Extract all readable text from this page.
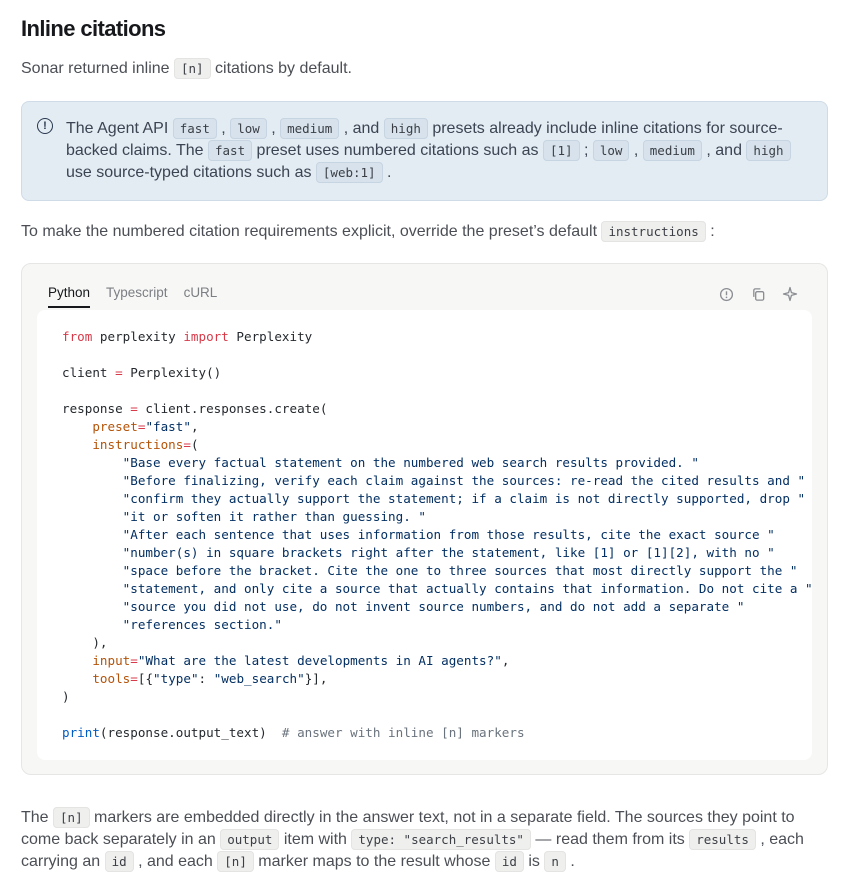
Inline citations

Sonar returned inline [n] citations by default.

!	The Agent API fast , low , medium , and high presets already include inline citations for source-backed claims. The fast preset uses numbered citations such as [1] ; low , medium , and high use source-typed citations such as [web:1] .

To make the numbered citation requirements explicit, override the preset’s default instructions :

Python Typescript cURL
from perplexity import Perplexity

client = Perplexity()

response = client.responses.create(
preset="fast",
instructions=(
"Base every factual statement on the numbered web search results provided. "
"Before finalizing, verify each claim against the sources: re-read the cited results and "
"confirm they actually support the statement; if a claim is not directly supported, drop "
"it or soften it rather than guessing. "
"After each sentence that uses information from those results, cite the exact source "
"number(s) in square brackets right after the statement, like [1] or [1][2], with no "
"space before the bracket. Cite the one to three sources that most directly support the "
"statement, and only cite a source that actually contains that information. Do not cite a "
"source you did not use, do not invent source numbers, and do not add a separate "
"references section."
),
input="What are the latest developments in AI agents?",
tools=[{"type": "web_search"}],
)

print(response.output_text) # answer with inline [n] markers

The [n] markers are embedded directly in the answer text, not in a separate field. The sources they point to come back separately in an output item with type: "search_results" — read them from its results , each carrying an id , and each [n] marker maps to the result whose id is n .
